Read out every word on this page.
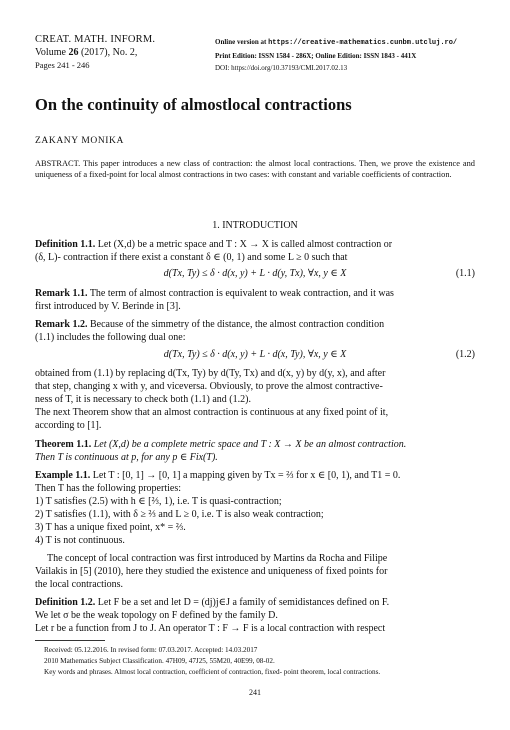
CREAT. MATH. INFORM.
Volume 26 (2017), No. 2,
Pages 241 - 246
Online version at https://creative-mathematics.cunbm.utcluj.ro/
Print Edition: ISSN 1584 - 286X; Online Edition: ISSN 1843 - 441X
DOI: https://doi.org/10.37193/CMI.2017.02.13
On the continuity of almostlocal contractions
ZAKANY MONIKA
ABSTRACT. This paper introduces a new class of contraction: the almost local contractions. Then, we prove the existence and uniqueness of a fixed-point for local almost contractions in two cases: with constant and variable coefficients of contraction.
1. INTRODUCTION
Definition 1.1. Let (X,d) be a metric space and T : X → X is called almost contraction or
(δ, L)- contraction if there exist a constant δ ∈ (0, 1) and some L ≥ 0 such that
d(Tx, Ty) ≤ δ · d(x, y) + L · d(y, Tx), ∀x, y ∈ X	(1.1)
Remark 1.1. The term of almost contraction is equivalent to weak contraction, and it was
first introduced by V. Berinde in [3].
Remark 1.2. Because of the simmetry of the distance, the almost contraction condition
(1.1) includes the following dual one:
d(Tx, Ty) ≤ δ · d(x, y) + L · d(x, Ty), ∀x, y ∈ X	(1.2)
obtained from (1.1) by replacing d(Tx, Ty) by d(Ty, Tx) and d(x, y) by d(y, x), and after
that step, changing x with y, and viceversa. Obviously, to prove the almost contractive-
ness of T, it is necessary to check both (1.1) and (1.2).
The next Theorem show that an almost contraction is continuous at any fixed point of it,
according to [1].
Theorem 1.1. Let (X,d) be a complete metric space and T : X → X be an almost contraction.
Then T is continuous at p, for any p ∈ Fix(T).
Example 1.1. Let T : [0, 1] → [0, 1] a mapping given by Tx = ⅔ for x ∈ [0, 1), and T1 = 0.
Then T has the following properties:
1) T satisfies (2.5) with h ∈ [⅔, 1), i.e. T is quasi-contraction;
2) T satisfies (1.1), with δ ≥ ⅔ and L ≥ 0, i.e. T is also weak contraction;
3) T has a unique fixed point, x* = ⅔.
4) T is not continuous.
The concept of local contraction was first introduced by Martins da Rocha and Filipe
Vailakis in [5] (2010), here they studied the existence and uniqueness of fixed points for
the local contractions.
Definition 1.2. Let F be a set and let D = (dj)j∈J a family of semidistances defined on F.
We let σ be the weak topology on F defined by the family D.
Let r be a function from J to J. An operator T : F → F is a local contraction with respect
Received: 05.12.2016. In revised form: 07.03.2017. Accepted: 14.03.2017
2010 Mathematics Subject Classification. 47H09, 47J25, 55M20, 40E99, 08-02.
Key words and phrases. Almost local contraction, coefficient of contraction, fixed- point theorem, local contractions.
241
